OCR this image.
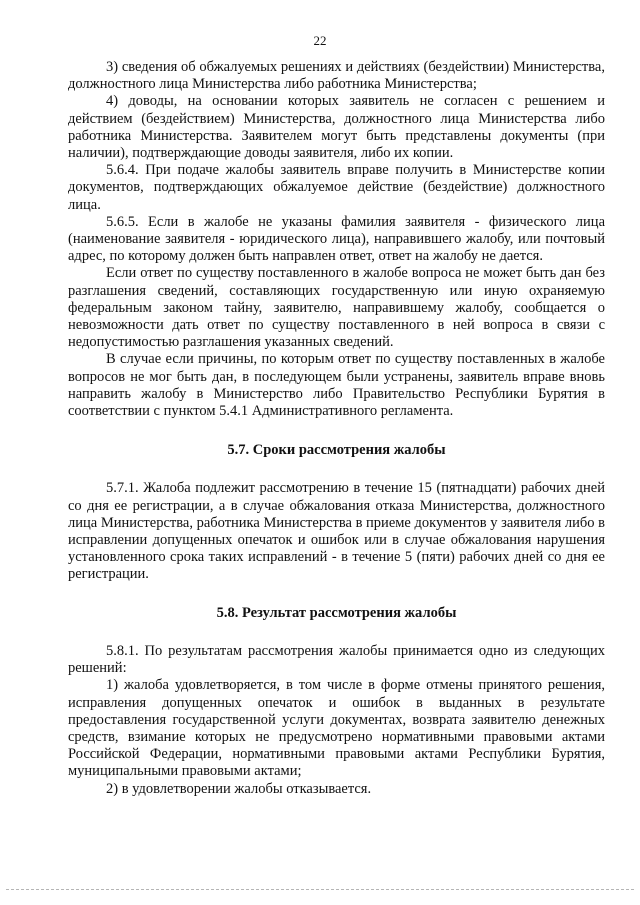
22

3) сведения об обжалуемых решениях и действиях (бездействии) Министерства, должностного лица Министерства либо работника Министерства;

4) доводы, на основании которых заявитель не согласен с решением и действием (бездействием) Министерства, должностного лица Министерства либо работника Министерства. Заявителем могут быть представлены документы (при наличии), подтверждающие доводы заявителя, либо их копии.

5.6.4. При подаче жалобы заявитель вправе получить в Министерстве копии документов, подтверждающих обжалуемое действие (бездействие) должностного лица.

5.6.5. Если в жалобе не указаны фамилия заявителя - физического лица (наименование заявителя - юридического лица), направившего жалобу, или почтовый адрес, по которому должен быть направлен ответ, ответ на жалобу не дается.

Если ответ по существу поставленного в жалобе вопроса не может быть дан без разглашения сведений, составляющих государственную или иную охраняемую федеральным законом тайну, заявителю, направившему жалобу, сообщается о невозможности дать ответ по существу поставленного в ней вопроса в связи с недопустимостью разглашения указанных сведений.

В случае если причины, по которым ответ по существу поставленных в жалобе вопросов не мог быть дан, в последующем были устранены, заявитель вправе вновь направить жалобу в Министерство либо Правительство Республики Бурятия в соответствии с пунктом 5.4.1 Административного регламента.

5.7. Сроки рассмотрения жалобы

5.7.1. Жалоба подлежит рассмотрению в течение 15 (пятнадцати) рабочих дней со дня ее регистрации, а в случае обжалования отказа Министерства, должностного лица Министерства, работника Министерства в приеме документов у заявителя либо в исправлении допущенных опечаток и ошибок или в случае обжалования нарушения установленного срока таких исправлений - в течение 5 (пяти) рабочих дней со дня ее регистрации.

5.8. Результат рассмотрения жалобы

5.8.1. По результатам рассмотрения жалобы принимается одно из следующих решений:

1) жалоба удовлетворяется, в том числе в форме отмены принятого решения, исправления допущенных опечаток и ошибок в выданных в результате предоставления государственной услуги документах, возврата заявителю денежных средств, взимание которых не предусмотрено нормативными правовыми актами Российской Федерации, нормативными правовыми актами Республики Бурятия, муниципальными правовыми актами;

2) в удовлетворении жалобы отказывается.
